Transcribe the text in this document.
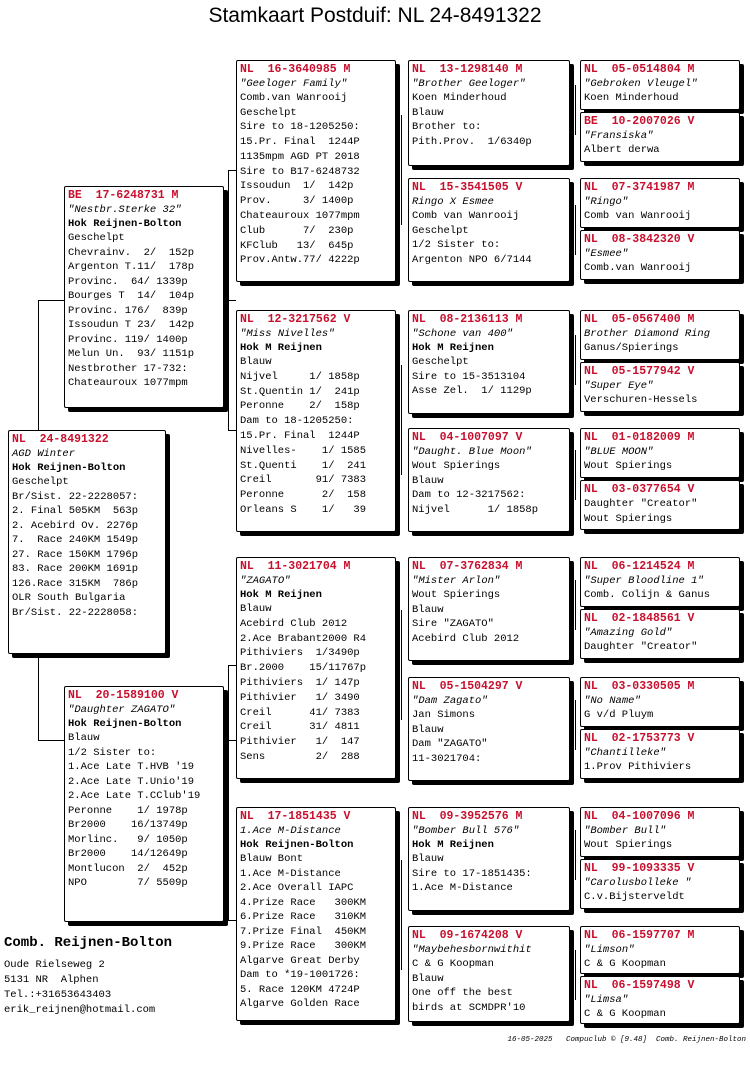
Stamkaart Postduif: NL 24-8491322
NL  24-8491322
AGD Winter
Hok Reijnen-Bolton
Geschelpt
Br/Sist. 22-2228057:
2. Final 505KM  563p
2. Acebird Ov. 2276p
7.  Race 240KM 1549p
27. Race 150KM 1796p
83. Race 200KM 1691p
126.Race 315KM  786p
OLR South Bulgaria
Br/Sist. 22-2228058:
BE  17-6248731 M
"Nestbr.Sterke 32"
Hok Reijnen-Bolton
Geschelpt
Chevrainv.  2/  152p
Argenton T.11/  178p
Provinc.  64/ 1339p
Bourges T  14/  104p
Provinc. 176/  839p
Issoudun T 23/  142p
Provinc. 119/ 1400p
Melun Un.  93/ 1151p
Nestbrother 17-732:
Chateauroux 1077mpm
NL  20-1589100 V
"Daughter ZAGATO"
Hok Reijnen-Bolton
Blauw
1/2 Sister to:
1.Ace Late T.HVB '19
2.Ace Late T.Unio'19
2.Ace Late T.CClub'19
Peronne    1/ 1978p
Br2000    16/13749p
Morlinc.   9/ 1050p
Br2000    14/12649p
Montlucon  2/  452p
NPO        7/ 5509p
NL  16-3640985 M
"Geeloger Family"
Comb.van Wanrooij
Geschelpt
Sire to 18-1205250:
15.Pr. Final  1244P
1135mpm AGD PT 2018
Sire to B17-6248732
Issoudun  1/  142p
Prov.     3/ 1400p
Chateauroux 1077mpm
Club      7/  230p
KFClub   13/  645p
Prov.Antw.77/ 4222p
NL  12-3217562 V
"Miss Nivelles"
Hok M Reijnen
Blauw
Nijvel     1/ 1858p
St.Quentin 1/  241p
Peronne    2/  158p
Dam to 18-1205250:
15.Pr. Final  1244P
Nivelles-    1/ 1585
St.Quenti    1/  241
Creil       91/ 7383
Peronne      2/  158
Orleans S    1/   39
NL  11-3021704 M
"ZAGATO"
Hok M Reijnen
Blauw
Acebird Club 2012
2.Ace Brabant2000 R4
Pithiviers  1/3490p
Br.2000    15/11767p
Pithiviers  1/ 147p
Pithivier   1/ 3490
Creil      41/ 7383
Creil      31/ 4811
Pithivier   1/  147
Sens        2/  288
NL  17-1851435 V
1.Ace M-Distance
Hok Reijnen-Bolton
Blauw Bont
1.Ace M-Distance
2.Ace Overall IAPC
4.Prize Race   300KM
6.Prize Race   310KM
7.Prize Final  450KM
9.Prize Race   300KM
Algarve Great Derby
Dam to *19-1001726:
5. Race 120KM 4724P
Algarve Golden Race
NL  13-1298140 M
"Brother Geeloger"
Koen Minderhoud
Blauw
Brother to:
Pith.Prov.  1/6340p
NL  15-3541505 V
Ringo X Esmee
Comb van Wanrooij
Geschelpt
1/2 Sister to:
Argenton NPO 6/7144
NL  08-2136113 M
"Schone van 400"
Hok M Reijnen
Geschelpt
Sire to 15-3513104
Asse Zel.  1/ 1129p
NL  04-1007097 V
"Daught. Blue Moon"
Wout Spierings
Blauw
Dam to 12-3217562:
Nijvel      1/ 1858p
NL  07-3762834 M
"Mister Arlon"
Wout Spierings
Blauw
Sire "ZAGATO"
Acebird Club 2012
NL  05-1504297 V
"Dam Zagato"
Jan Simons
Blauw
Dam "ZAGATO"
11-3021704:
NL  09-3952576 M
"Bomber Bull 576"
Hok M Reijnen
Blauw
Sire to 17-1851435:
1.Ace M-Distance
NL  09-1674208 V
"Maybehesbornwithit
C & G Koopman
Blauw
One off the best
birds at SCMDPR'10
NL  05-0514804 M
"Gebroken Vleugel"
Koen Minderhoud
BE  10-2007026 V
"Fransiska"
Albert derwa
NL  07-3741987 M
"Ringo"
Comb van Wanrooij
NL  08-3842320 V
"Esmee"
Comb.van Wanrooij
NL  05-0567400 M
Brother Diamond Ring
Ganus/Spierings
NL  05-1577942 V
"Super Eye"
Verschuren-Hessels
NL  01-0182009 M
"BLUE MOON"
Wout Spierings
NL  03-0377654 V
Daughter "Creator"
Wout Spierings
NL  06-1214524 M
"Super Bloodline 1"
Comb. Colijn & Ganus
NL  02-1848561 V
"Amazing Gold"
Daughter "Creator"
NL  03-0330505 M
"No Name"
G v/d Pluym
NL  02-1753773 V
"Chantilleke"
1.Prov Pithiviers
NL  04-1007096 M
"Bomber Bull"
Wout Spierings
NL  99-1093335 V
"Carolusbolleke "
C.v.Bijsterveldt
NL  06-1597707 M
"Limson"
C & G Koopman
NL  06-1597498 V
"Limsa"
C & G Koopman
Comb. Reijnen-Bolton
Oude Rielseweg 2
5131 NR  Alphen
Tel.:+31653643403
erik_reijnen@hotmail.com
16-05-2025   Compuclub © [9.48]  Comb. Reijnen-Bolton
